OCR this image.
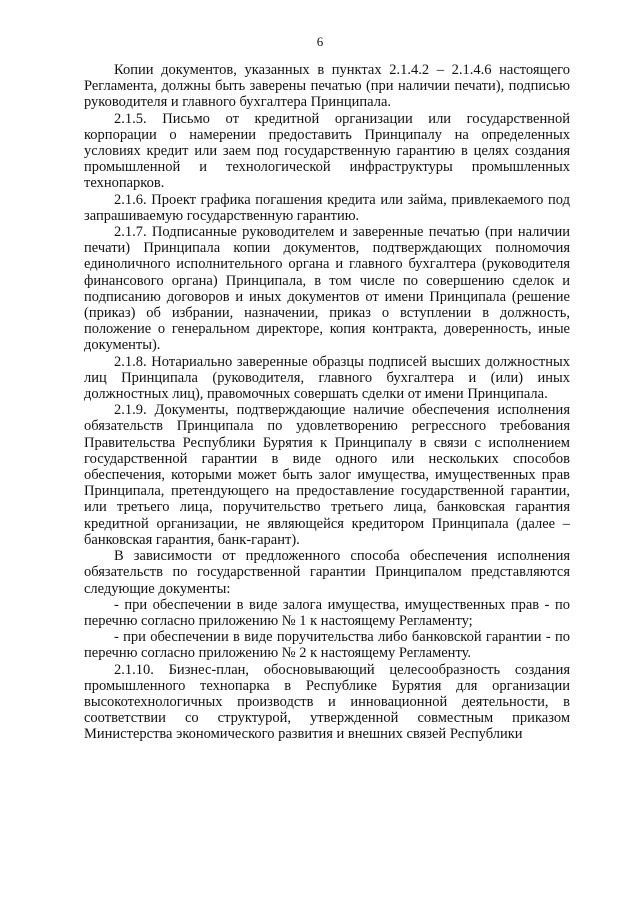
6

Копии документов, указанных в пунктах 2.1.4.2 – 2.1.4.6 настоящего Регламента, должны быть заверены печатью (при наличии печати), подписью руководителя и главного бухгалтера Принципала.

2.1.5. Письмо от кредитной организации или государственной корпорации о намерении предоставить Принципалу на определенных условиях кредит или заем под государственную гарантию в целях создания промышленной и технологической инфраструктуры промышленных технопарков.

2.1.6. Проект графика погашения кредита или займа, привлекаемого под запрашиваемую государственную гарантию.

2.1.7. Подписанные руководителем и заверенные печатью (при наличии печати) Принципала копии документов, подтверждающих полномочия единоличного исполнительного органа и главного бухгалтера (руководителя финансового органа) Принципала, в том числе по совершению сделок и подписанию договоров и иных документов от имени Принципала (решение (приказ) об избрании, назначении, приказ о вступлении в должность, положение о генеральном директоре, копия контракта, доверенность, иные документы).

2.1.8. Нотариально заверенные образцы подписей высших должностных лиц Принципала (руководителя, главного бухгалтера и (или) иных должностных лиц), правомочных совершать сделки от имени Принципала.

2.1.9. Документы, подтверждающие наличие обеспечения исполнения обязательств Принципала по удовлетворению регрессного требования Правительства Республики Бурятия к Принципалу в связи с исполнением государственной гарантии в виде одного или нескольких способов обеспечения, которыми может быть залог имущества, имущественных прав Принципала, претендующего на предоставление государственной гарантии, или третьего лица, поручительство третьего лица, банковская гарантия кредитной организации, не являющейся кредитором Принципала (далее – банковская гарантия, банк-гарант).

В зависимости от предложенного способа обеспечения исполнения обязательств по государственной гарантии Принципалом представляются следующие документы:

- при обеспечении в виде залога имущества, имущественных прав - по перечню согласно приложению № 1 к настоящему Регламенту;

- при обеспечении в виде поручительства либо банковской гарантии - по перечню согласно приложению № 2 к настоящему Регламенту.

2.1.10. Бизнес-план, обосновывающий целесообразность создания промышленного технопарка в Республике Бурятия для организации высокотехнологичных производств и инновационной деятельности, в соответствии со структурой, утвержденной совместным приказом Министерства экономического развития и внешних связей Республики
